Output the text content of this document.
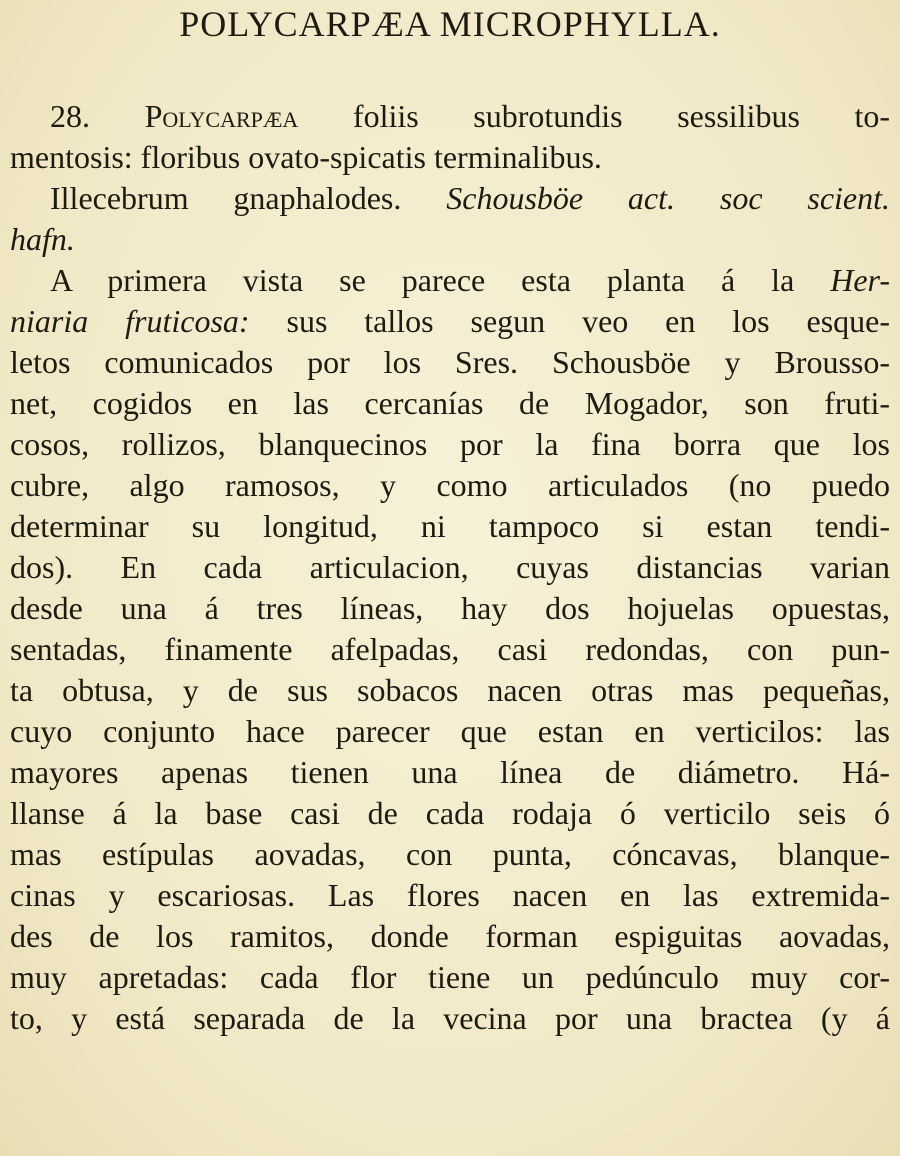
POLYCARPÆA MICROPHYLLA.
28. Polycarpæa foliis subrotundis sessilibus to-
mentosis: floribus ovato-spicatis terminalibus.
Illecebrum gnaphalodes. Schousböe act. soc scient.
hafn.
A primera vista se parece esta planta á la Her-
niaria fruticosa: sus tallos segun veo en los esque-
letos comunicados por los Sres. Schousböe y Brousso-
net, cogidos en las cercanías de Mogador, son fruti-
cosos, rollizos, blanquecinos por la fina borra que los
cubre, algo ramosos, y como articulados (no puedo
determinar su longitud, ni tampoco si estan tendi-
dos). En cada articulacion, cuyas distancias varian
desde una á tres líneas, hay dos hojuelas opuestas,
sentadas, finamente afelpadas, casi redondas, con pun-
ta obtusa, y de sus sobacos nacen otras mas pequeñas,
cuyo conjunto hace parecer que estan en verticilos: las
mayores apenas tienen una línea de diámetro. Há-
llanse á la base casi de cada rodaja ó verticilo seis ó
mas estípulas aovadas, con punta, cóncavas, blanque-
cinas y escariosas. Las flores nacen en las extremida-
des de los ramitos, donde forman espiguitas aovadas,
muy apretadas: cada flor tiene un pedúnculo muy cor-
to, y está separada de la vecina por una bractea (y á
